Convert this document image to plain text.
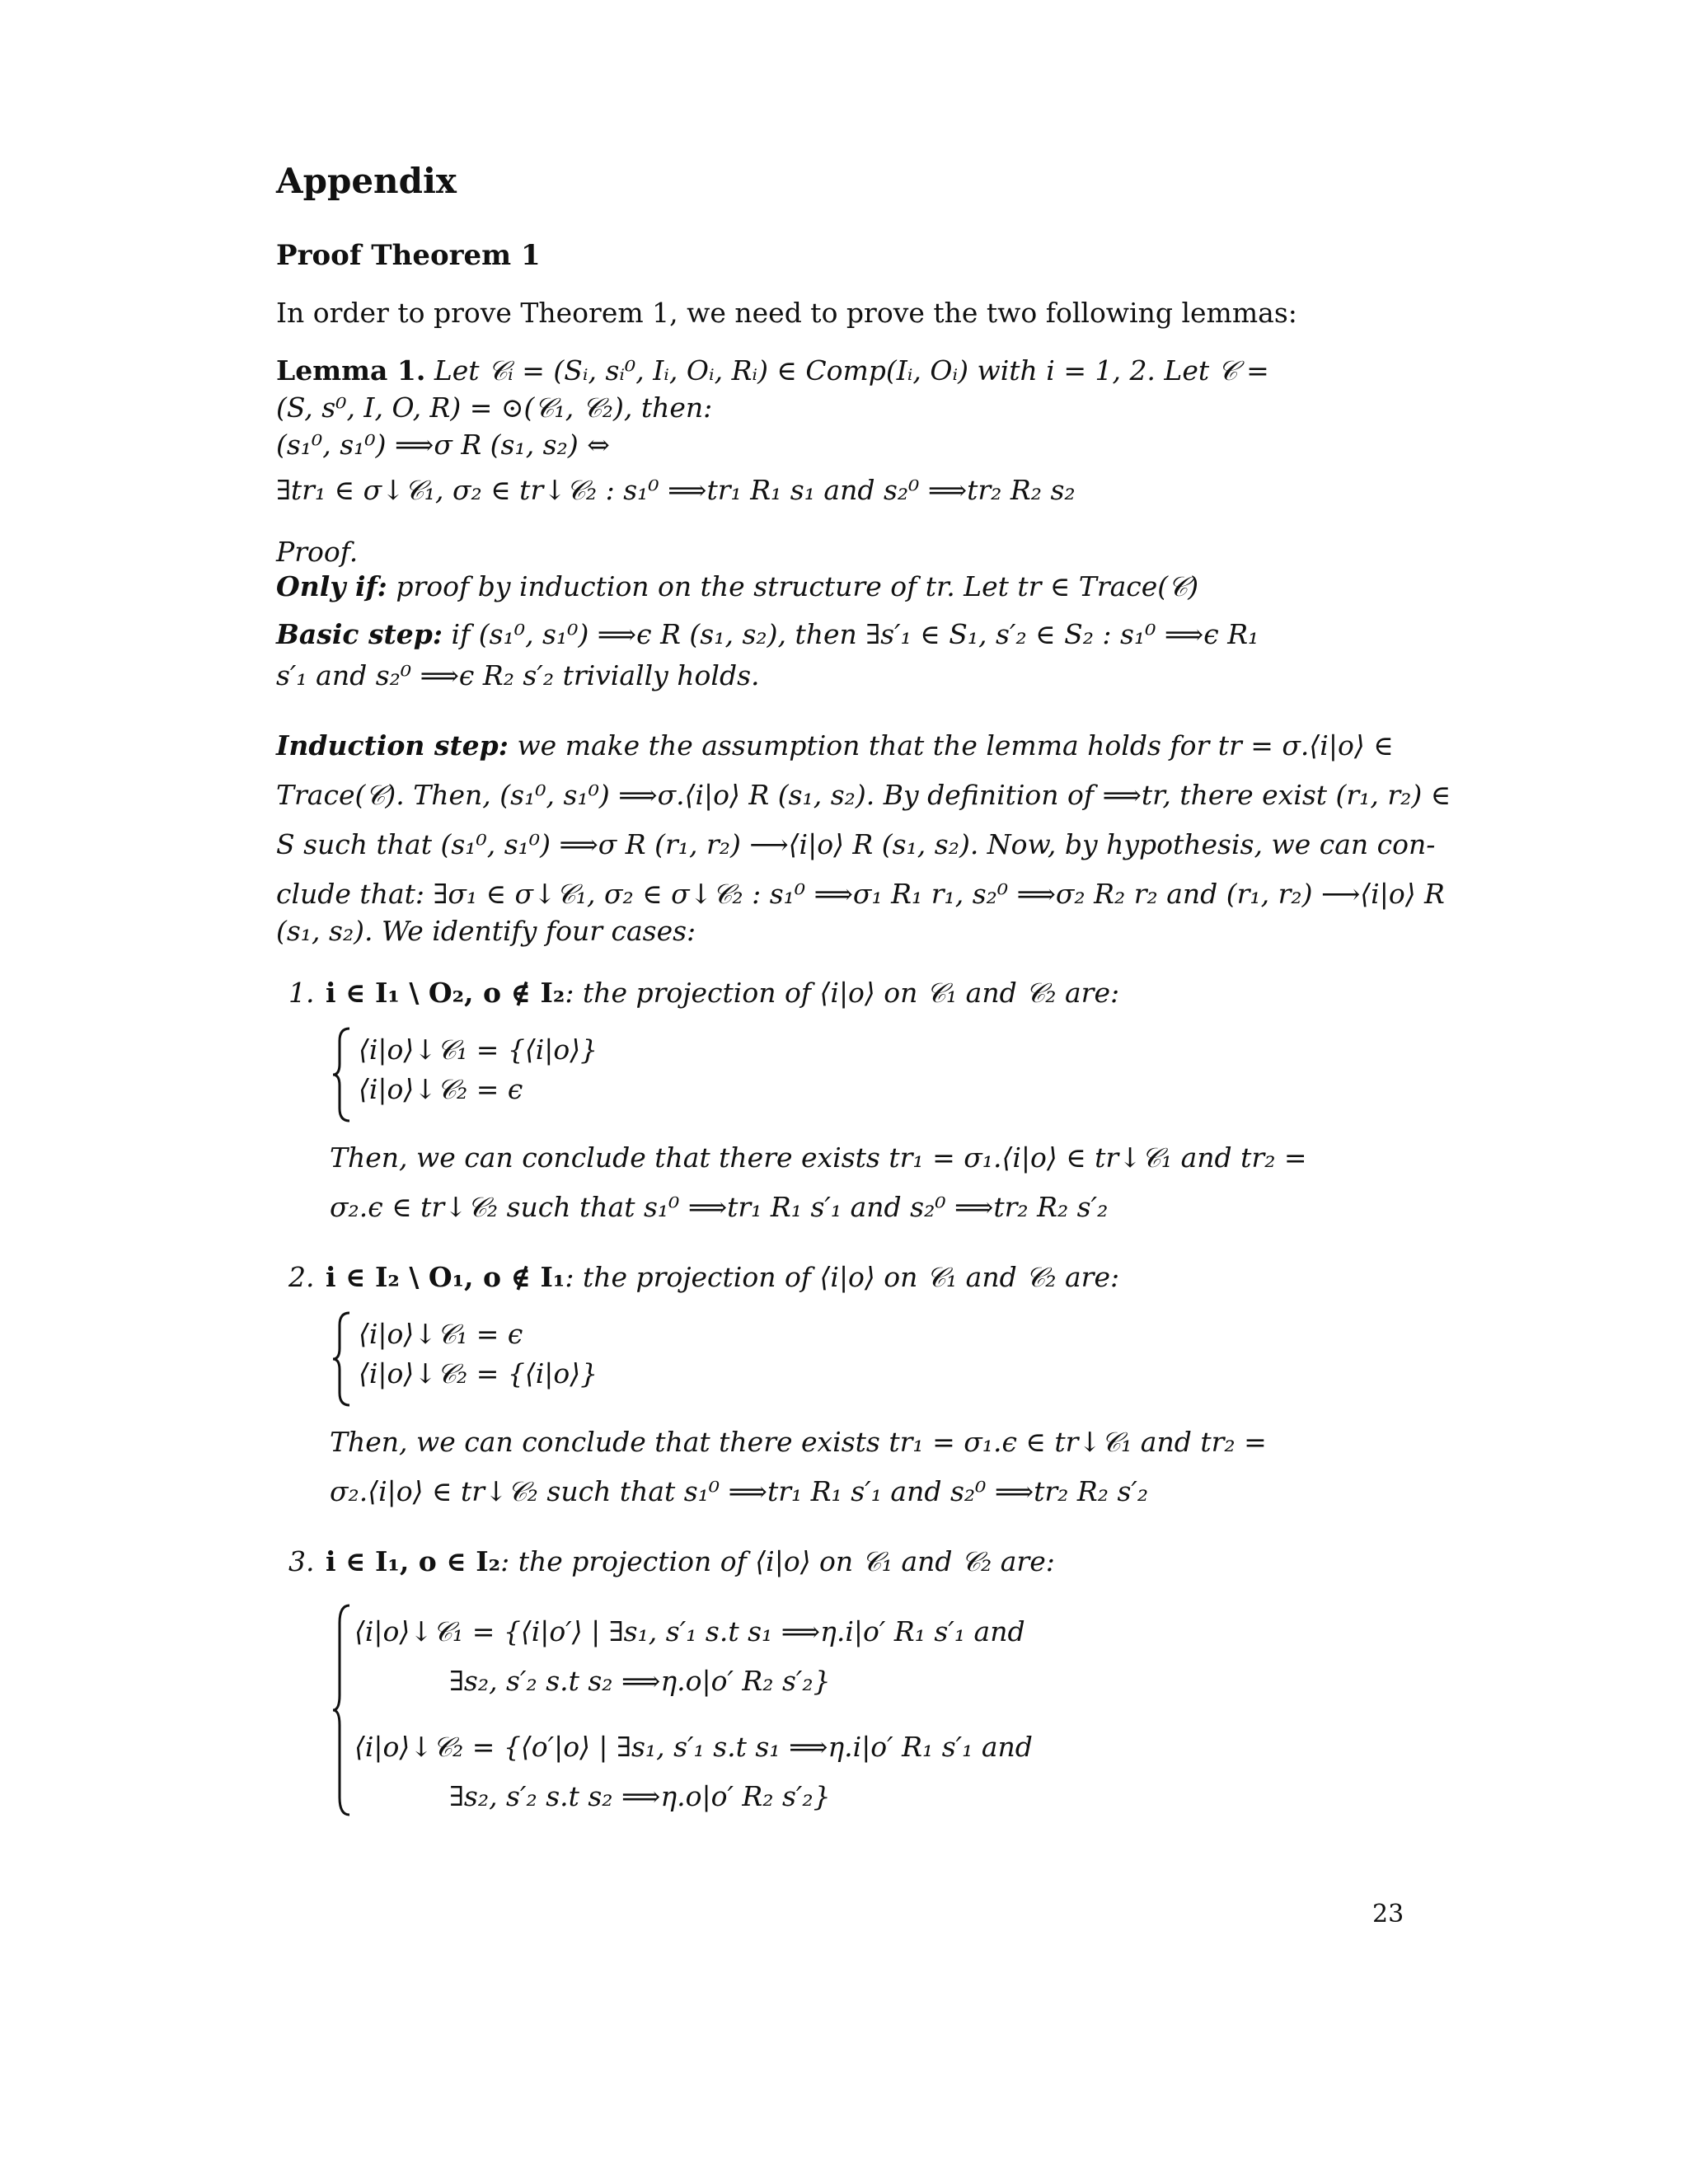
Appendix
Proof Theorem 1
In order to prove Theorem 1, we need to prove the two following lemmas:
Lemma 1. Let 𝒞ᵢ = (Sᵢ, sᵢ⁰, Iᵢ, Oᵢ, Rᵢ) ∈ Comp(Iᵢ, Oᵢ) with i = 1, 2. Let 𝒞 =
(S, s⁰, I, O, R) = ⊙(𝒞₁, 𝒞₂), then:
(s₁⁰, s₁⁰) ⟹σ R (s₁, s₂) ⇔
∃tr₁ ∈ σ↓𝒞₁, σ₂ ∈ tr↓𝒞₂ : s₁⁰ ⟹tr₁ R₁ s₁ and s₂⁰ ⟹tr₂ R₂ s₂
Proof.
Only if: proof by induction on the structure of tr. Let tr ∈ Trace(𝒞)
Basic step: if (s₁⁰, s₁⁰) ⟹ϵ R (s₁, s₂), then ∃s′₁ ∈ S₁, s′₂ ∈ S₂ : s₁⁰ ⟹ϵ R₁
s′₁ and s₂⁰ ⟹ϵ R₂ s′₂ trivially holds.
Induction step: we make the assumption that the lemma holds for tr = σ.⟨i|o⟩ ∈
Trace(𝒞). Then, (s₁⁰, s₁⁰) ⟹σ.⟨i|o⟩ R (s₁, s₂). By definition of ⟹tr, there exist (r₁, r₂) ∈
S such that (s₁⁰, s₁⁰) ⟹σ R (r₁, r₂) ⟶⟨i|o⟩ R (s₁, s₂). Now, by hypothesis, we can con-
clude that: ∃σ₁ ∈ σ↓𝒞₁, σ₂ ∈ σ↓𝒞₂ : s₁⁰ ⟹σ₁ R₁ r₁, s₂⁰ ⟹σ₂ R₂ r₂ and (r₁, r₂) ⟶⟨i|o⟩ R
(s₁, s₂). We identify four cases:
1. i ∈ I₁ \ O₂, o ∉ I₂: the projection of ⟨i|o⟩ on 𝒞₁ and 𝒞₂ are:
⟨i|o⟩↓𝒞₁ = {⟨i|o⟩}
⟨i|o⟩↓𝒞₂ = ϵ
Then, we can conclude that there exists tr₁ = σ₁.⟨i|o⟩ ∈ tr↓𝒞₁ and tr₂ =
σ₂.ϵ ∈ tr↓𝒞₂ such that s₁⁰ ⟹tr₁ R₁ s′₁ and s₂⁰ ⟹tr₂ R₂ s′₂
2. i ∈ I₂ \ O₁, o ∉ I₁: the projection of ⟨i|o⟩ on 𝒞₁ and 𝒞₂ are:
⟨i|o⟩↓𝒞₁ = ϵ
⟨i|o⟩↓𝒞₂ = {⟨i|o⟩}
Then, we can conclude that there exists tr₁ = σ₁.ϵ ∈ tr↓𝒞₁ and tr₂ =
σ₂.⟨i|o⟩ ∈ tr↓𝒞₂ such that s₁⁰ ⟹tr₁ R₁ s′₁ and s₂⁰ ⟹tr₂ R₂ s′₂
3. i ∈ I₁, o ∈ I₂: the projection of ⟨i|o⟩ on 𝒞₁ and 𝒞₂ are:
⟨i|o⟩↓𝒞₁ = {⟨i|o′⟩ | ∃s₁, s′₁ s.t s₁ ⟹η.i|o′ R₁ s′₁ and
∃s₂, s′₂ s.t s₂ ⟹η.o|o′ R₂ s′₂}
⟨i|o⟩↓𝒞₂ = {⟨o′|o⟩ | ∃s₁, s′₁ s.t s₁ ⟹η.i|o′ R₁ s′₁ and
∃s₂, s′₂ s.t s₂ ⟹η.o|o′ R₂ s′₂}
23
